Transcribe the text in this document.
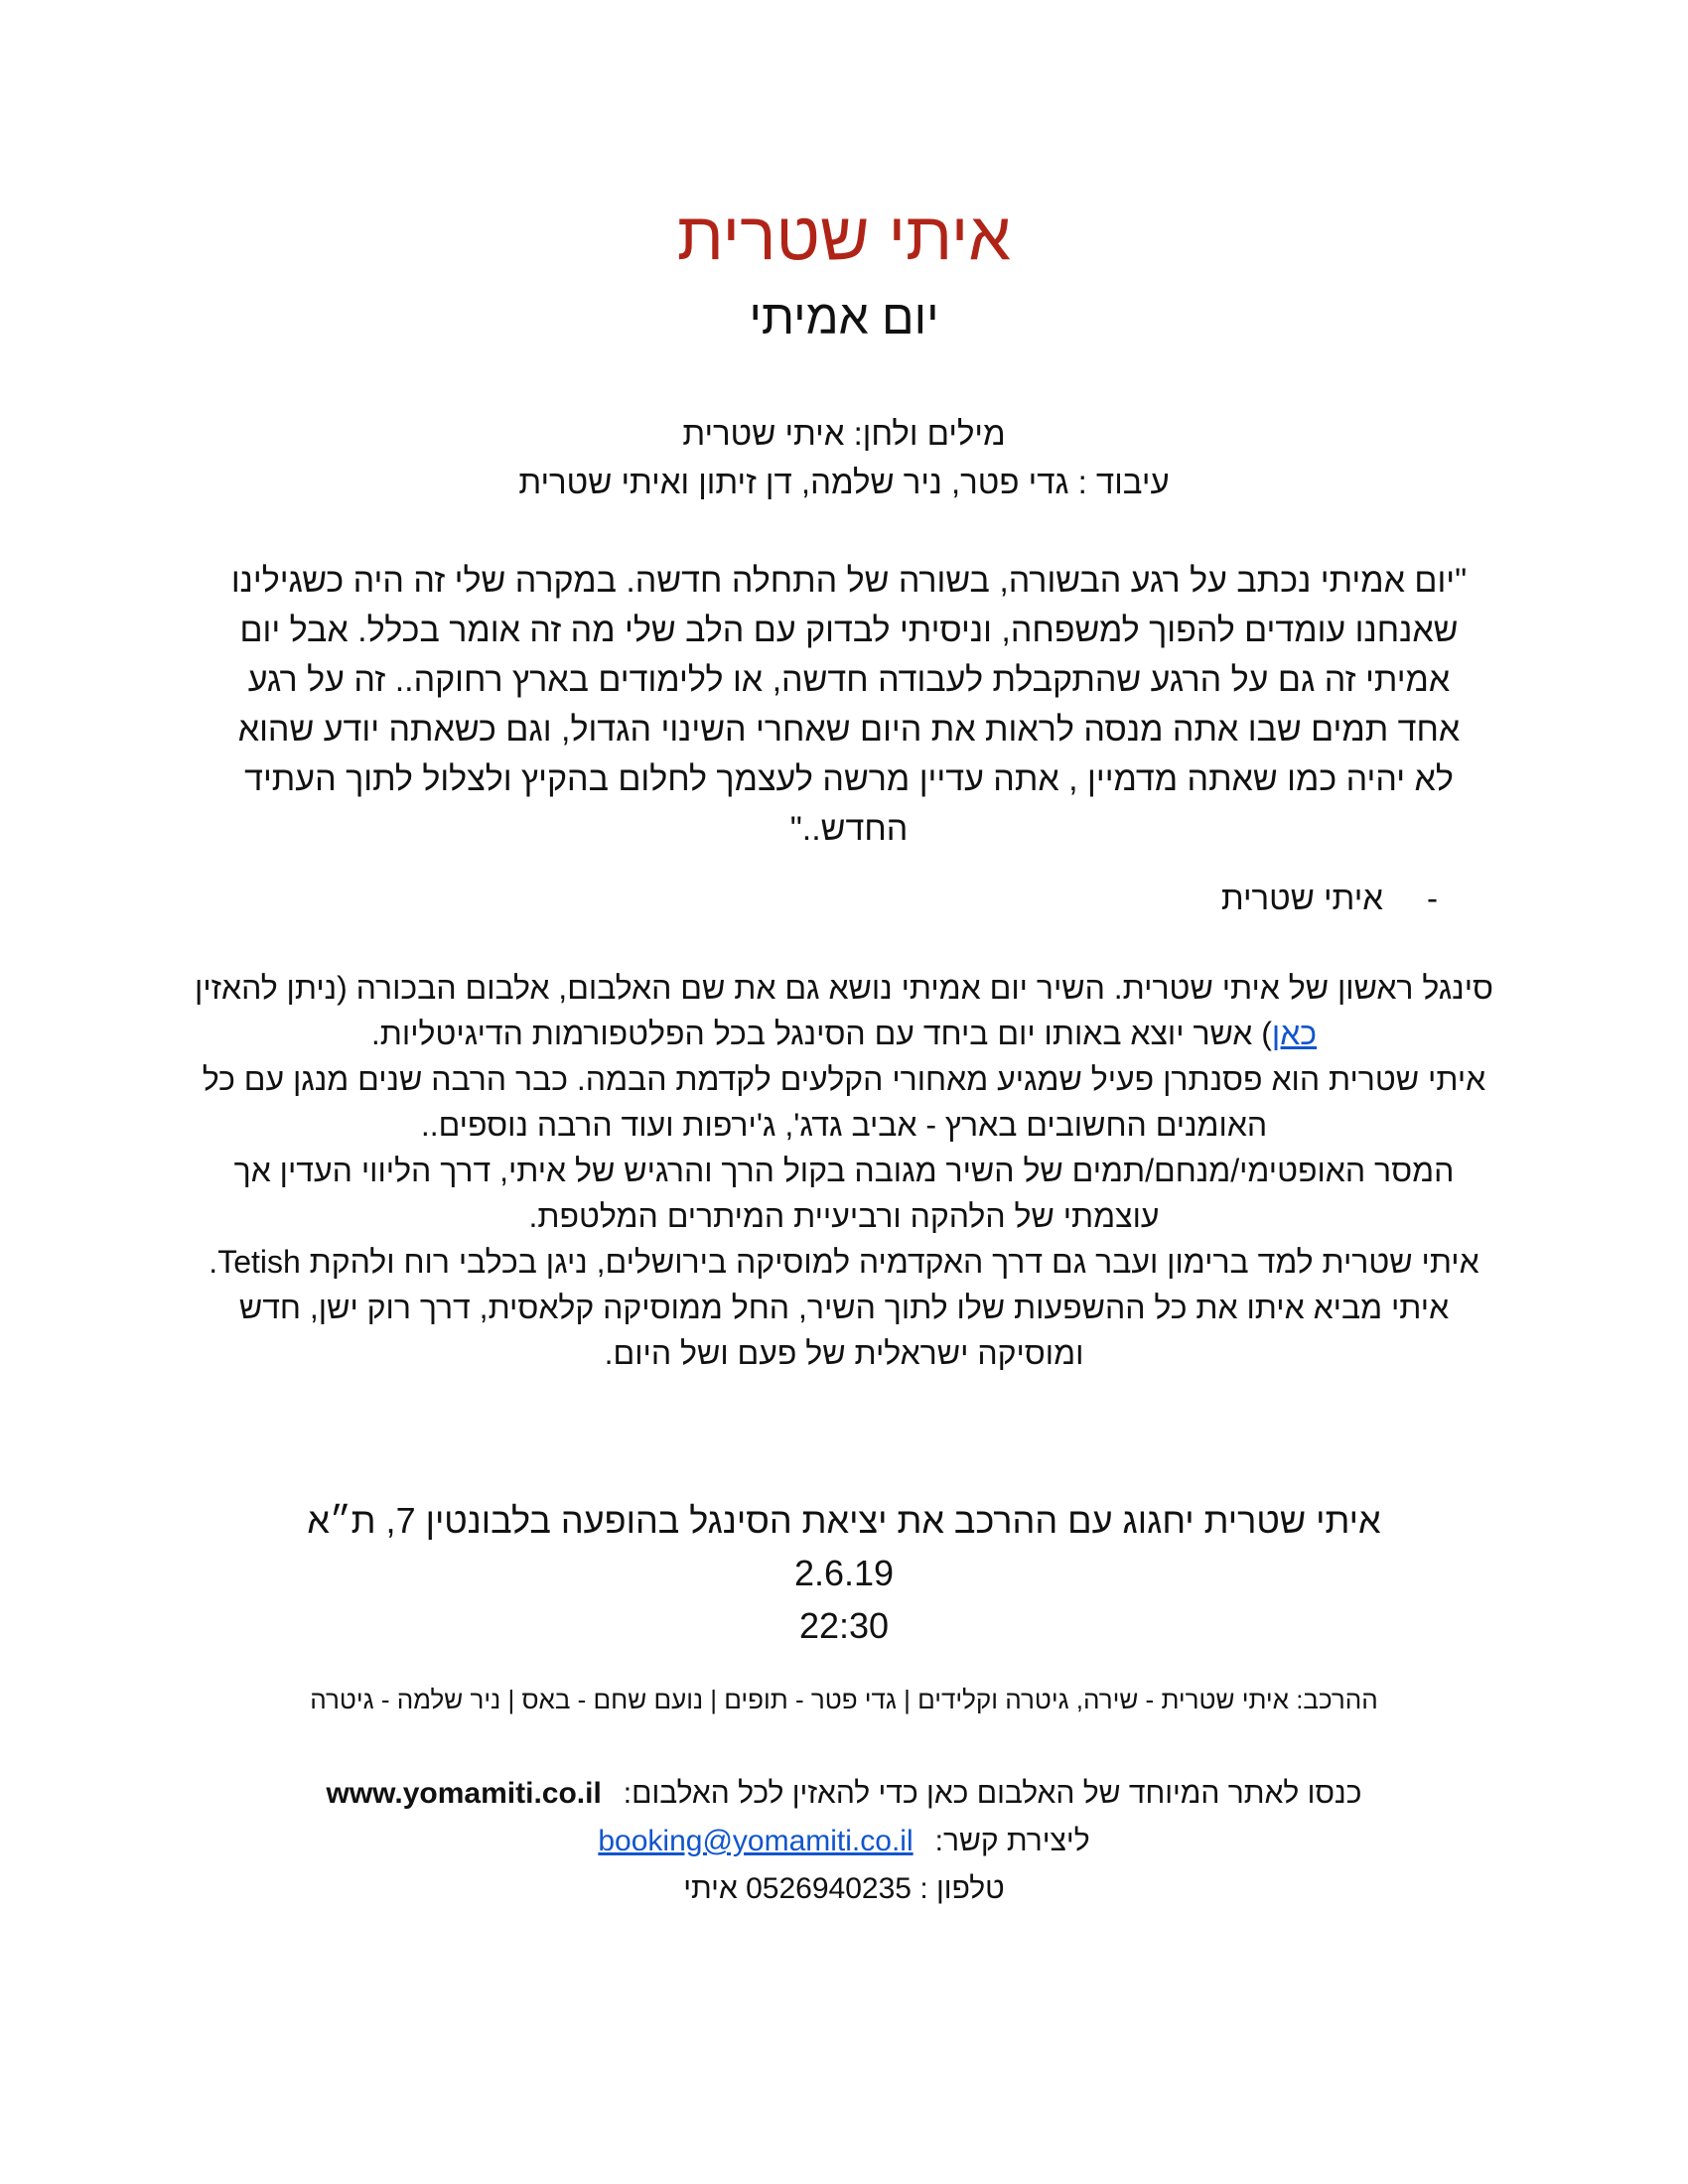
איתי שטרית
יום אמיתי
מילים ולחן: איתי שטרית
עיבוד : גדי פטר, ניר שלמה, דן זיתון ואיתי שטרית

"יום אמיתי נכתב על רגע הבשורה, בשורה של התחלה חדשה. במקרה שלי זה היה כשגילינו שאנחנו עומדים להפוך למשפחה, וניסיתי לבדוק עם הלב שלי מה זה אומר בכלל. אבל יום אמיתי זה גם על הרגע שהתקבלת לעבודה חדשה, או ללימודים בארץ רחוקה.. זה על רגע אחד תמים שבו אתה מנסה לראות את היום שאחרי השינוי הגדול, וגם כשאתה יודע שהוא לא יהיה כמו שאתה מדמיין , אתה עדיין מרשה לעצמך לחלום בהקיץ ולצלול לתוך העתיד החדש.."

-איתי שטרית

סינגל ראשון של איתי שטרית. השיר יום אמיתי נושא גם את שם האלבום, אלבום הבכורה (ניתן להאזין כאן) אשר יוצא באותו יום ביחד עם הסינגל בכל הפלטפורמות הדיגיטליות.

איתי שטרית הוא פסנתרן פעיל שמגיע מאחורי הקלעים לקדמת הבמה. כבר הרבה שנים מנגן עם כל האומנים החשובים בארץ - אביב גדג', ג'ירפות ועוד הרבה נוספים..

המסר האופטימי/מנחם/תמים של השיר מגובה בקול הרך והרגיש של איתי, דרך הליווי העדין אך עוצמתי של הלהקה ורביעיית המיתרים המלטפת.

איתי שטרית למד ברימון ועבר גם דרך האקדמיה למוסיקה בירושלים, ניגן בכלבי רוח ולהקת Tetish.

איתי מביא איתו את כל ההשפעות שלו לתוך השיר, החל ממוסיקה קלאסית, דרך רוק ישן, חדש ומוסיקה ישראלית של פעם ושל היום.

איתי שטרית יחגוג עם ההרכב את יציאת הסינגל בהופעה בלבונטין 7, ת״א
2.6.19
22:30
ההרכב: איתי שטרית - שירה, גיטרה וקלידים | גדי פטר - תופים | נועם שחם - באס | ניר שלמה - גיטרה
כנסו לאתר המיוחד של האלבום כאן כדי להאזין לכל האלבום:www.yomamiti.co.il
ליצירת קשר:booking@yomamiti.co.il
טלפון : 0526940235 איתי
